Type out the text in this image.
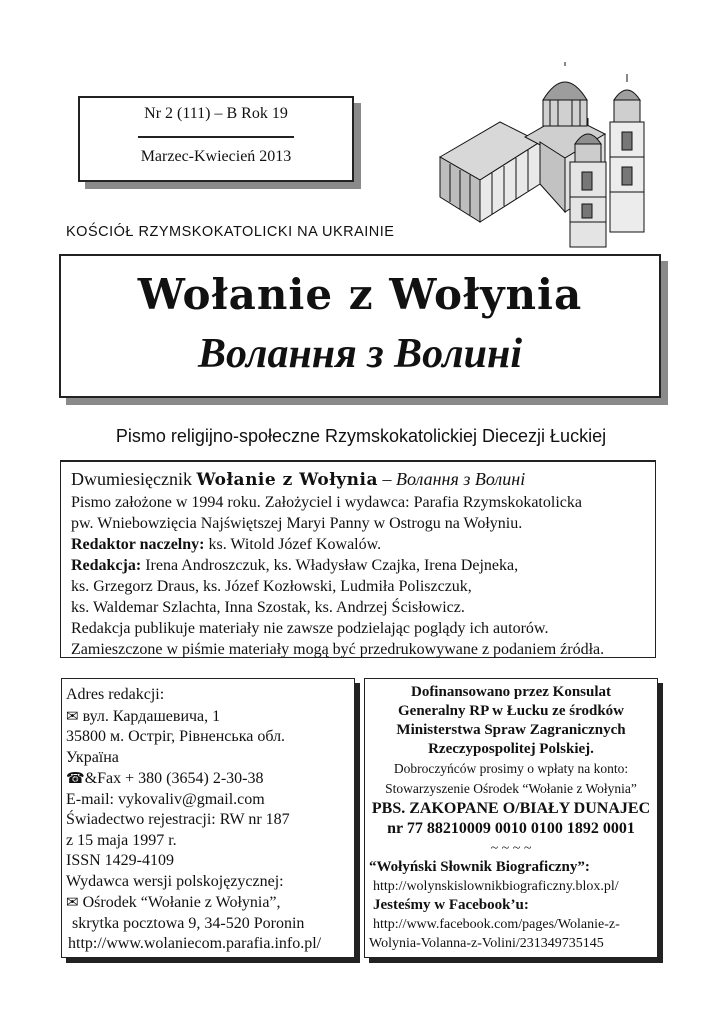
Nr 2 (111) – B Rok 19
Marzec-Kwiecień 2013
KOŚCIÓŁ RZYMSKOKATOLICKI NA UKRAINIE
Wołanie z Wołynia
Волання з Волині
Pismo religijno-społeczne Rzymskokatolickiej Diecezji Łuckiej
Dwumiesięcznik Wołanie z Wołynia – Волання з Волині
Pismo założone w 1994 roku. Założyciel i wydawca: Parafia Rzymskokatolicka
pw. Wniebowzięcia Najświętszej Maryi Panny w Ostrogu na Wołyniu.
Redaktor naczelny: ks. Witold Józef Kowalów.
Redakcja: Irena Androszczuk, ks. Władysław Czajka, Irena Dejneka,
ks. Grzegorz Draus, ks. Józef Kozłowski, Ludmiła Poliszczuk,
ks. Waldemar Szlachta, Inna Szostak, ks. Andrzej Ścisłowicz.
Redakcja publikuje materiały nie zawsze podzielając poglądy ich autorów.
Zamieszczone w piśmie materiały mogą być przedrukowywane z podaniem źródła.
Adres redakcji:
✉ вул. Кардашевича, 1
35800 м. Острiг, Рiвненська обл.
Україна
☎&Fax + 380 (3654) 2-30-38
E-mail: vykovaliv@gmail.com
Świadectwo rejestracji: RW nr 187
z 15 maja 1997 r.
ISSN 1429-4109
Wydawca wersji polskojęzycznej:
✉ Ośrodek “Wołanie z Wołynia”,
skrytka pocztowa 9, 34-520 Poronin
http://www.wolaniecom.parafia.info.pl/
Dofinansowano przez Konsulat
Generalny RP w Łucku ze środków
Ministerstwa Spraw Zagranicznych
Rzeczypospolitej Polskiej.
Dobroczyńców prosimy o wpłaty na konto:
Stowarzyszenie Ośrodek “Wołanie z Wołynia”
PBS. ZAKOPANE O/BIAŁY DUNAJEC
nr 77 88210009 0010 0100 1892 0001
~ ~ ~ ~
“Wołyński Słownik Biograficzny”:
http://wolynskislownikbiograficzny.blox.pl/
Jesteśmy w Facebook’u:
http://www.facebook.com/pages/Wolanie-z-
Wolynia-Volanna-z-Volini/231349735145
